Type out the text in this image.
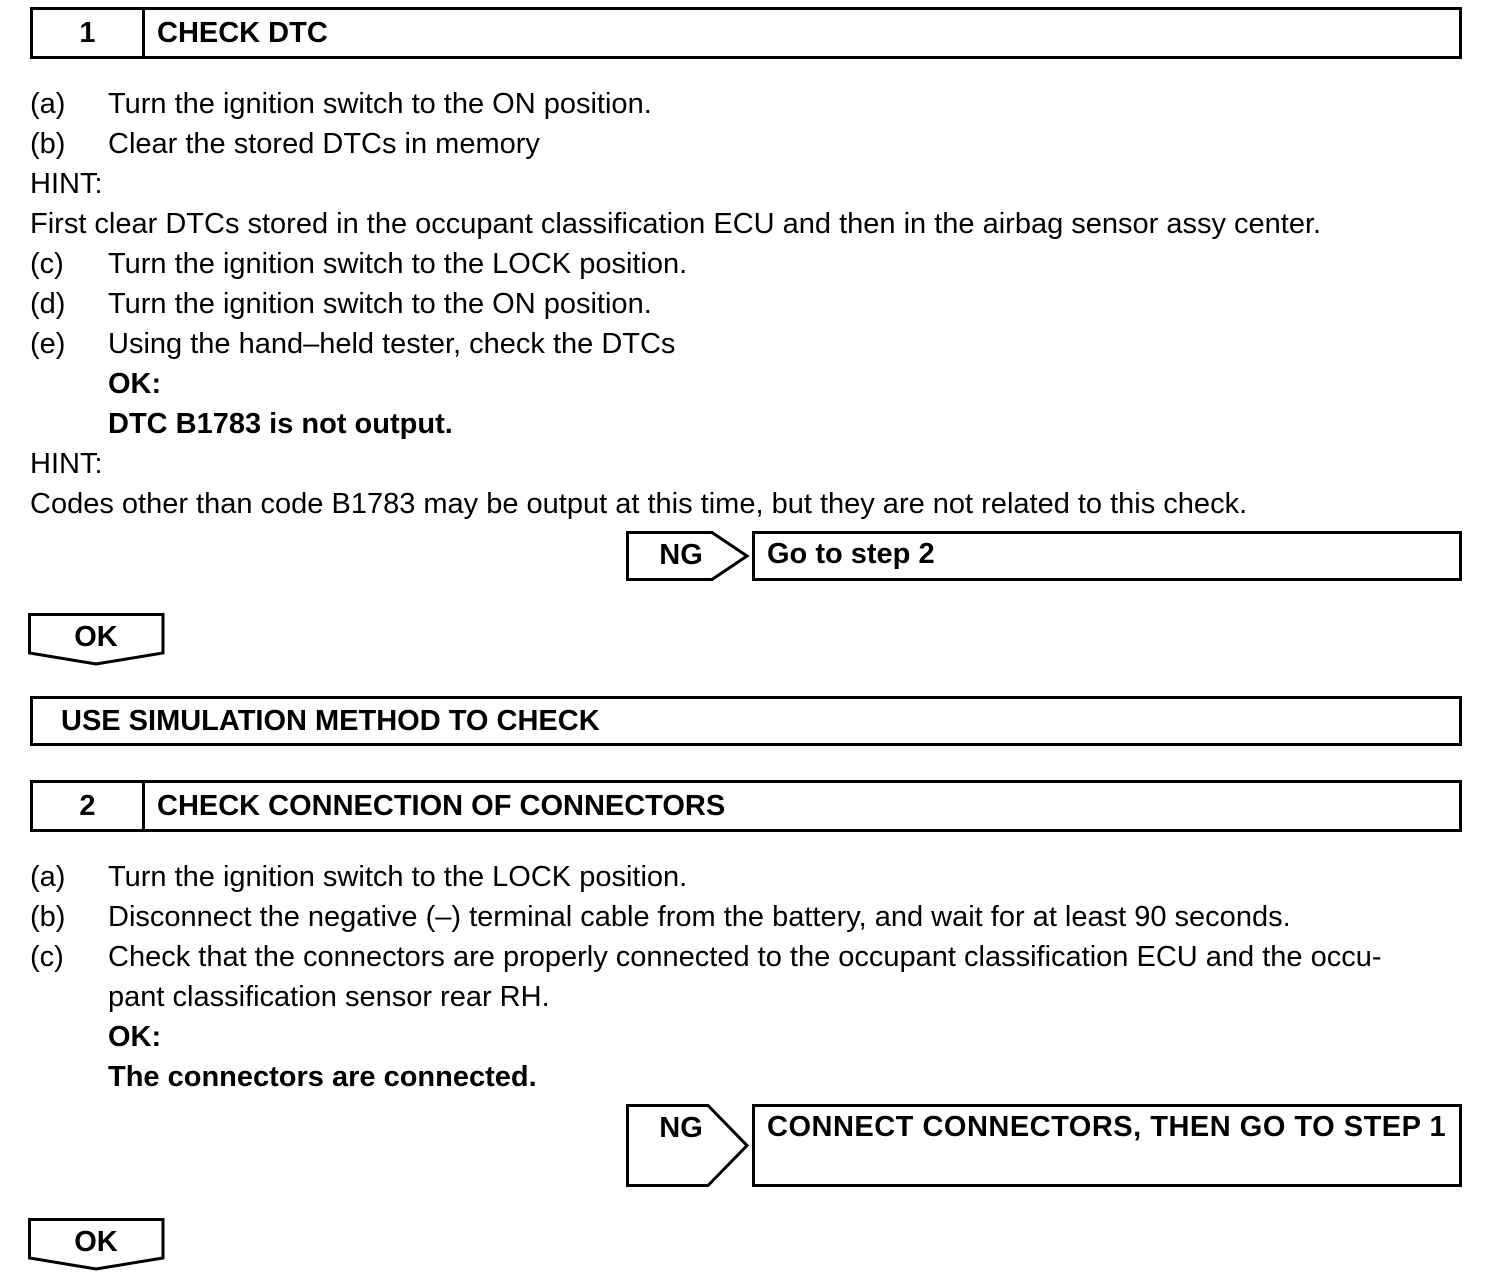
1	CHECK DTC
(a) Turn the ignition switch to the ON position.
(b) Clear the stored DTCs in memory
HINT:
First clear DTCs stored in the occupant classification ECU and then in the airbag sensor assy center.
(c) Turn the ignition switch to the LOCK position.
(d) Turn the ignition switch to the ON position.
(e) Using the hand–held tester, check the DTCs
OK:
DTC B1783 is not output.
HINT:
Codes other than code B1783 may be output at this time, but they are not related to this check.
NG	Go to step 2
OK
USE SIMULATION METHOD TO CHECK
2	CHECK CONNECTION OF CONNECTORS
(a) Turn the ignition switch to the LOCK position.
(b) Disconnect the negative (–) terminal cable from the battery, and wait for at least 90 seconds.
(c) Check that the connectors are properly connected to the occupant classification ECU and the occu-
pant classification sensor rear RH.
OK:
The connectors are connected.
NG	CONNECT CONNECTORS, THEN GO TO STEP 1
OK
